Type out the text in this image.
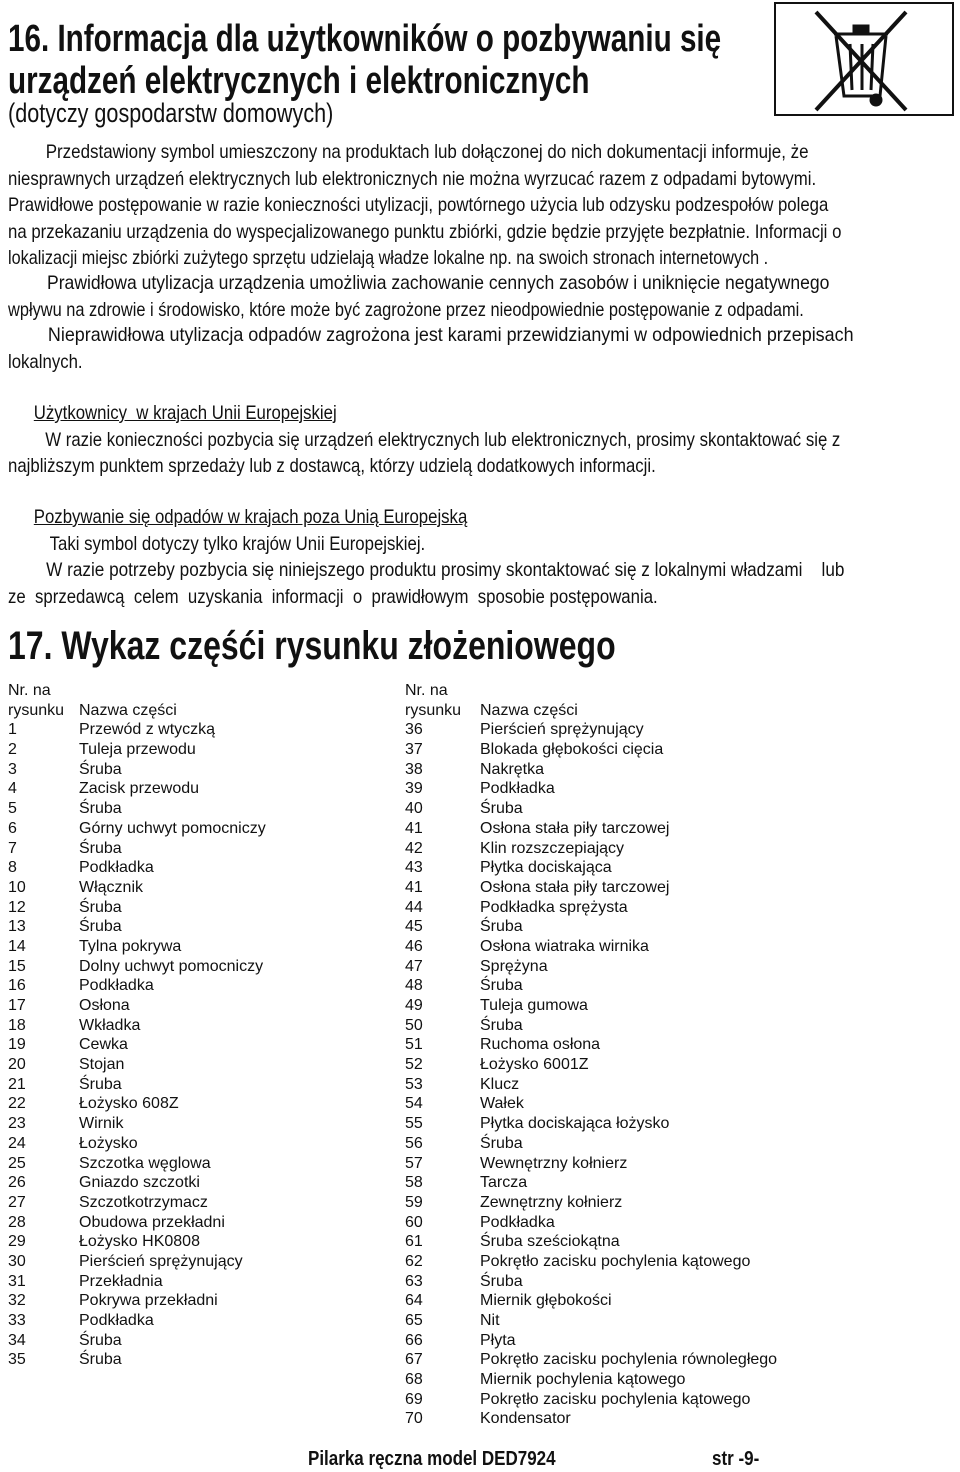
16. Informacja dla użytkowników o pozbywaniu się
urządzeń elektrycznych i elektronicznych
(dotyczy gospodarstw domowych)
Przedstawiony symbol umieszczony na produktach lub dołączonej do nich dokumentacji informuje, że
niesprawnych urządzeń elektrycznych lub elektronicznych nie można wyrzucać razem z odpadami bytowymi.
Prawidłowe postępowanie w razie konieczności utylizacji, powtórnego użycia lub odzysku podzespołów polega
na przekazaniu urządzenia do wyspecjalizowanego punktu zbiórki, gdzie będzie przyjęte bezpłatnie. Informacji o
lokalizacji miejsc zbiórki zużytego sprzętu udzielają władze lokalne np. na swoich stronach internetowych .
Prawidłowa utylizacja urządzenia umożliwia zachowanie cennych zasobów i uniknięcie negatywnego
wpływu na zdrowie i środowisko, które może być zagrożone przez nieodpowiednie postępowanie z odpadami.
Nieprawidłowa utylizacja odpadów zagrożona jest karami przewidzianymi w odpowiednich przepisach
lokalnych.
Użytkownicy  w krajach Unii Europejskiej
W razie konieczności pozbycia się urządzeń elektrycznych lub elektronicznych, prosimy skontaktować się z
najbliższym punktem sprzedaży lub z dostawcą, którzy udzielą dodatkowych informacji.
Pozbywanie się odpadów w krajach poza Unią Europejską
Taki symbol dotyczy tylko krajów Unii Europejskiej.
W razie potrzeby pozbycia się niniejszego produktu prosimy skontaktować się z lokalnymi władzami    lub
ze  sprzedawcą  celem  uzyskania  informacji  o  prawidłowym  sposobie postępowania.
17. Wykaz częśći rysunku złożeniowego
Nr. na
rysunku Nazwa części
1	Przewód z wtyczką
2	Tuleja przewodu
3	Śruba
4	Zacisk przewodu
5	Śruba
6	Górny uchwyt pomocniczy
7	Śruba
8	Podkładka
10	Włącznik
12	Śruba
13	Śruba
14	Tylna pokrywa
15	Dolny uchwyt pomocniczy
16	Podkładka
17	Osłona
18	Wkładka
19	Cewka
20	Stojan
21	Śruba
22	Łożysko 608Z
23	Wirnik
24	Łożysko
25	Szczotka węglowa
26	Gniazdo szczotki
27	Szczotkotrzymacz
28	Obudowa przekładni
29	Łożysko HK0808
30	Pierścień sprężynujący
31	Przekładnia
32	Pokrywa przekładni
33	Podkładka
34	Śruba
35	Śruba
Nr. na
rysunku Nazwa części
36	Pierścień sprężynujący
37	Blokada głębokości cięcia
38	Nakrętka
39	Podkładka
40	Śruba
41	Osłona stała piły tarczowej
42	Klin rozszczepiający
43	Płytka dociskająca
41	Osłona stała piły tarczowej
44	Podkładka sprężysta
45	Śruba
46	Osłona wiatraka wirnika
47	Sprężyna
48	Śruba
49	Tuleja gumowa
50	Śruba
51	Ruchoma osłona
52	Łożysko 6001Z
53	Klucz
54	Wałek
55	Płytka dociskająca łożysko
56	Śruba
57	Wewnętrzny kołnierz
58	Tarcza
59	Zewnętrzny kołnierz
60	Podkładka
61	Śruba sześciokątna
62	Pokrętło zacisku pochylenia kątowego
63	Śruba
64	Miernik głębokości
65	Nit
66	Płyta
67	Pokrętło zacisku pochylenia równoległego
68	Miernik pochylenia kątowego
69	Pokrętło zacisku pochylenia kątowego
70	Kondensator
Pilarka ręczna model DED7924	str -9-
